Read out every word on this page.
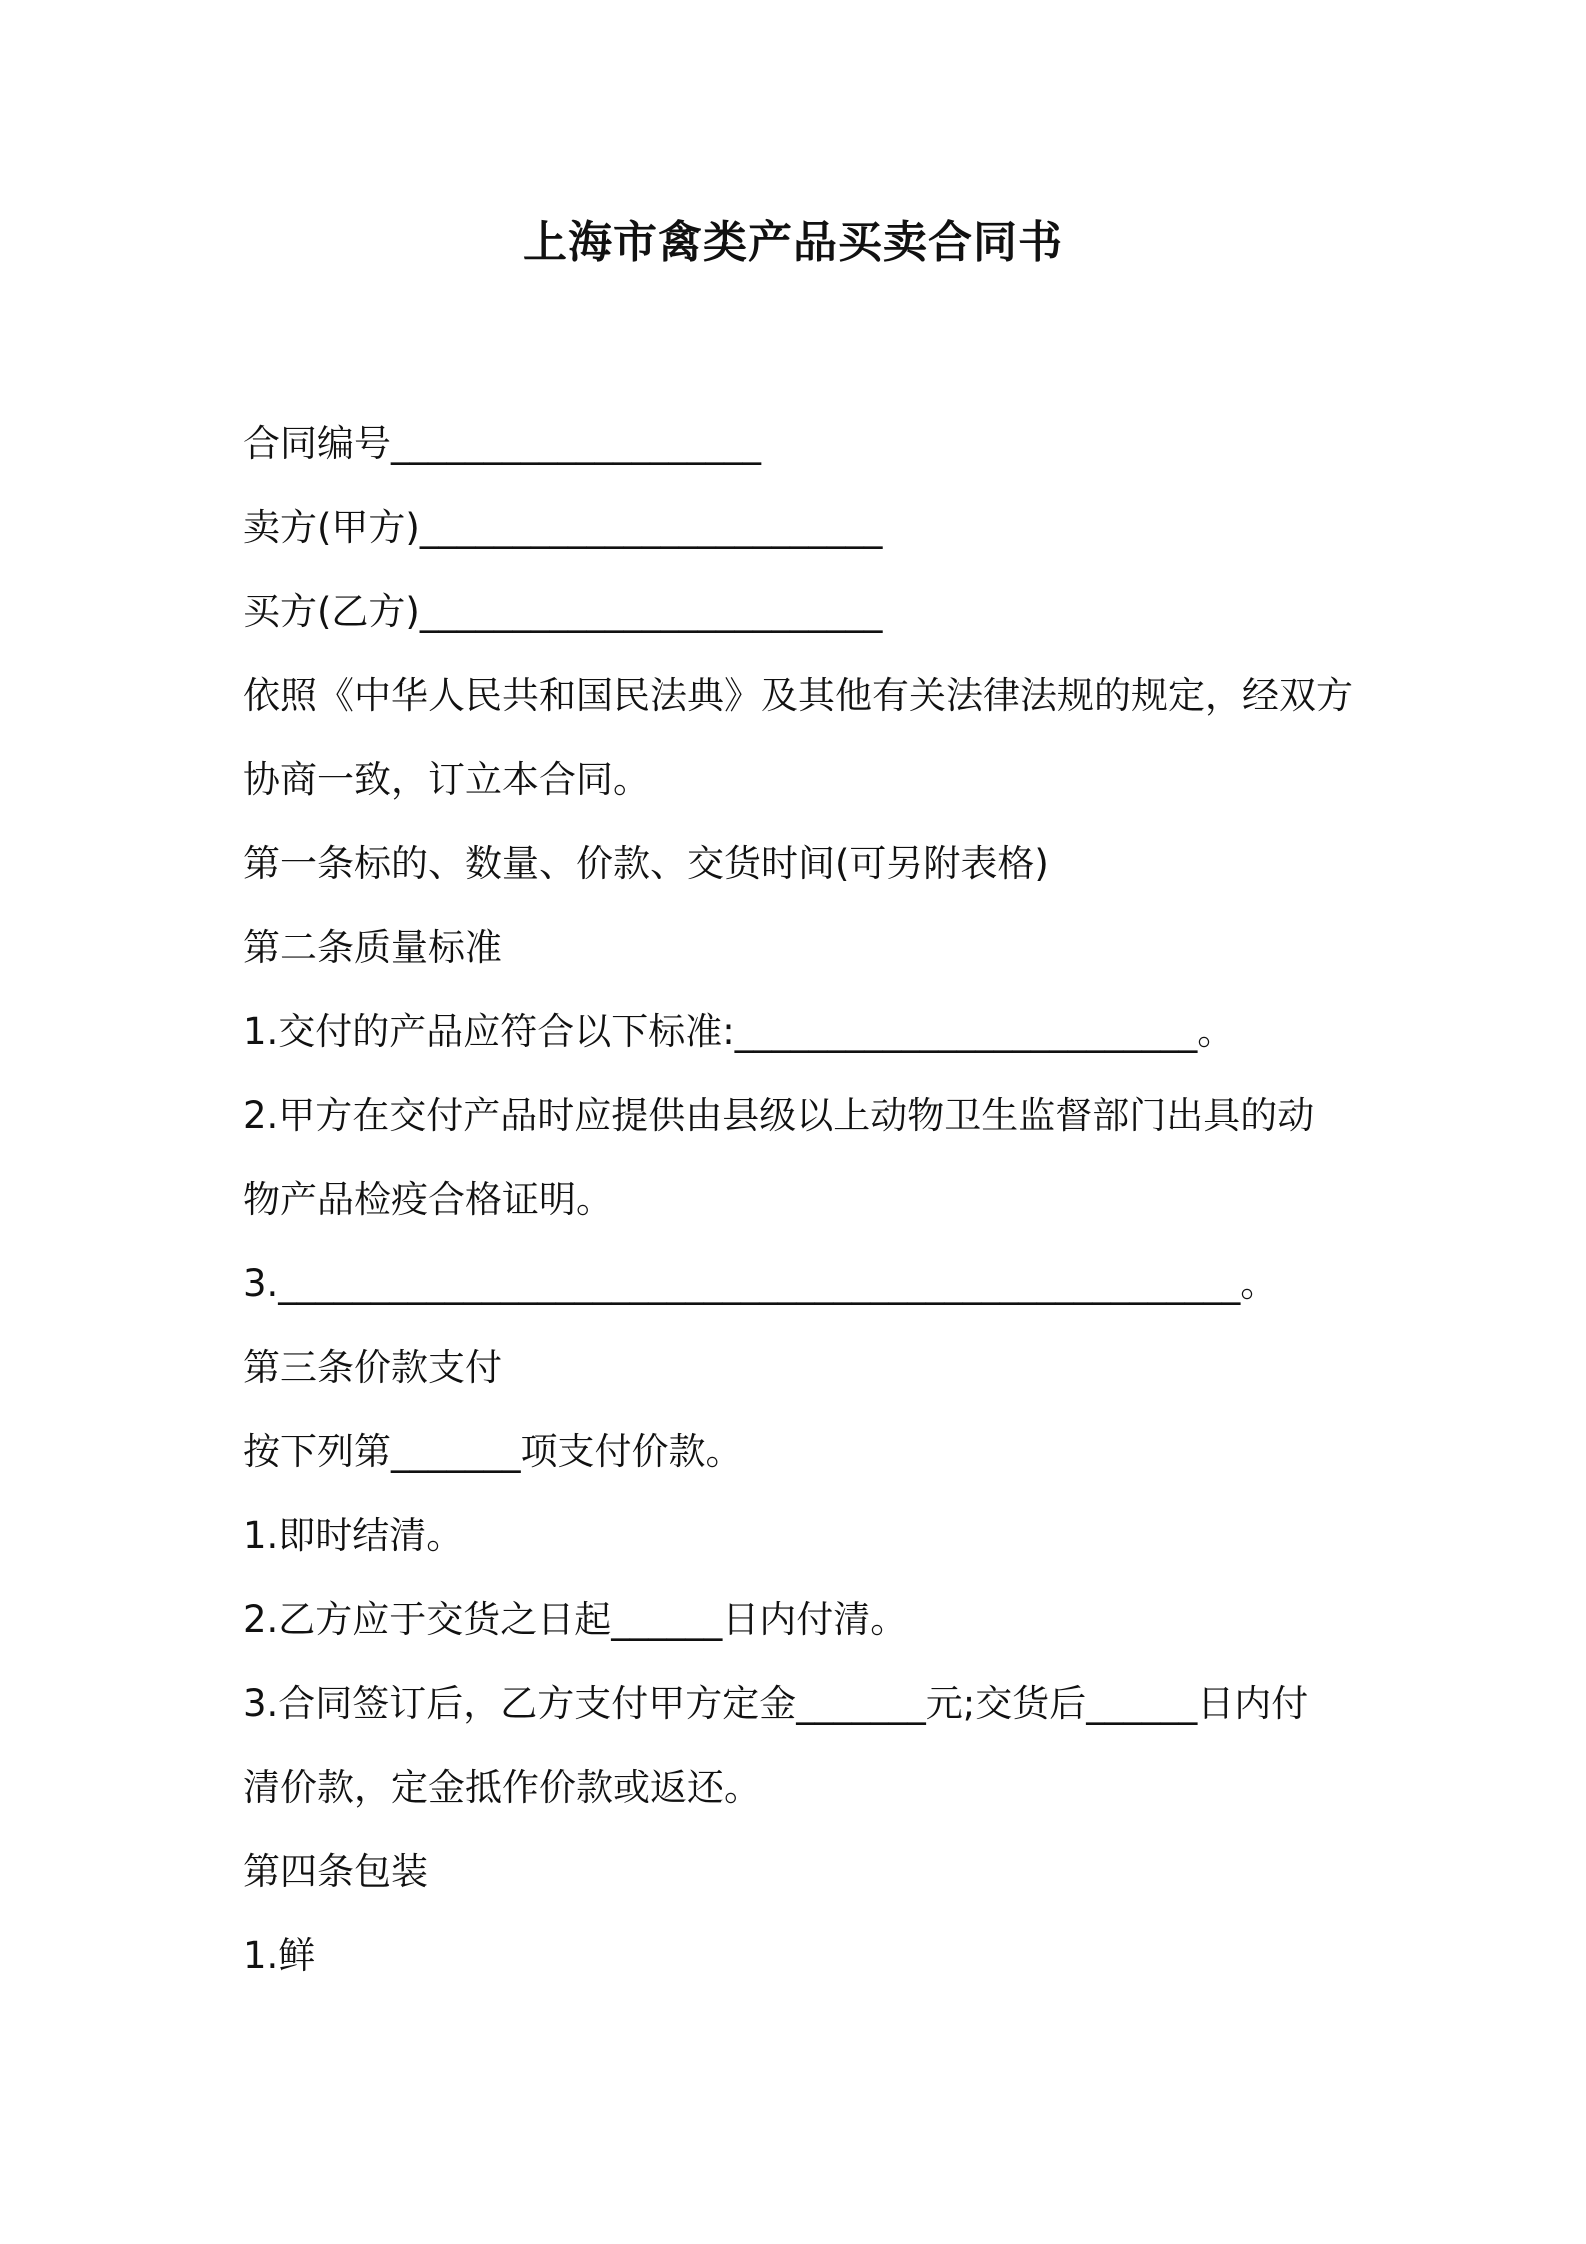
上海市禽类产品买卖合同书
合同编号____________________
卖方(甲方)_________________________
买方(乙方)_________________________
依照《中华人民共和国民法典》及其他有关法律法规的规定，经双方
协商一致，订立本合同。
第一条标的、数量、价款、交货时间(可另附表格)
第二条质量标准
1.交付的产品应符合以下标准:_________________________。
2.甲方在交付产品时应提供由县级以上动物卫生监督部门出具的动
物产品检疫合格证明。
3.____________________________________________________。
第三条价款支付
按下列第_______项支付价款。
1.即时结清。
2.乙方应于交货之日起______日内付清。
3.合同签订后，乙方支付甲方定金_______元;交货后______日内付
清价款，定金抵作价款或返还。
第四条包装
1.鲜
